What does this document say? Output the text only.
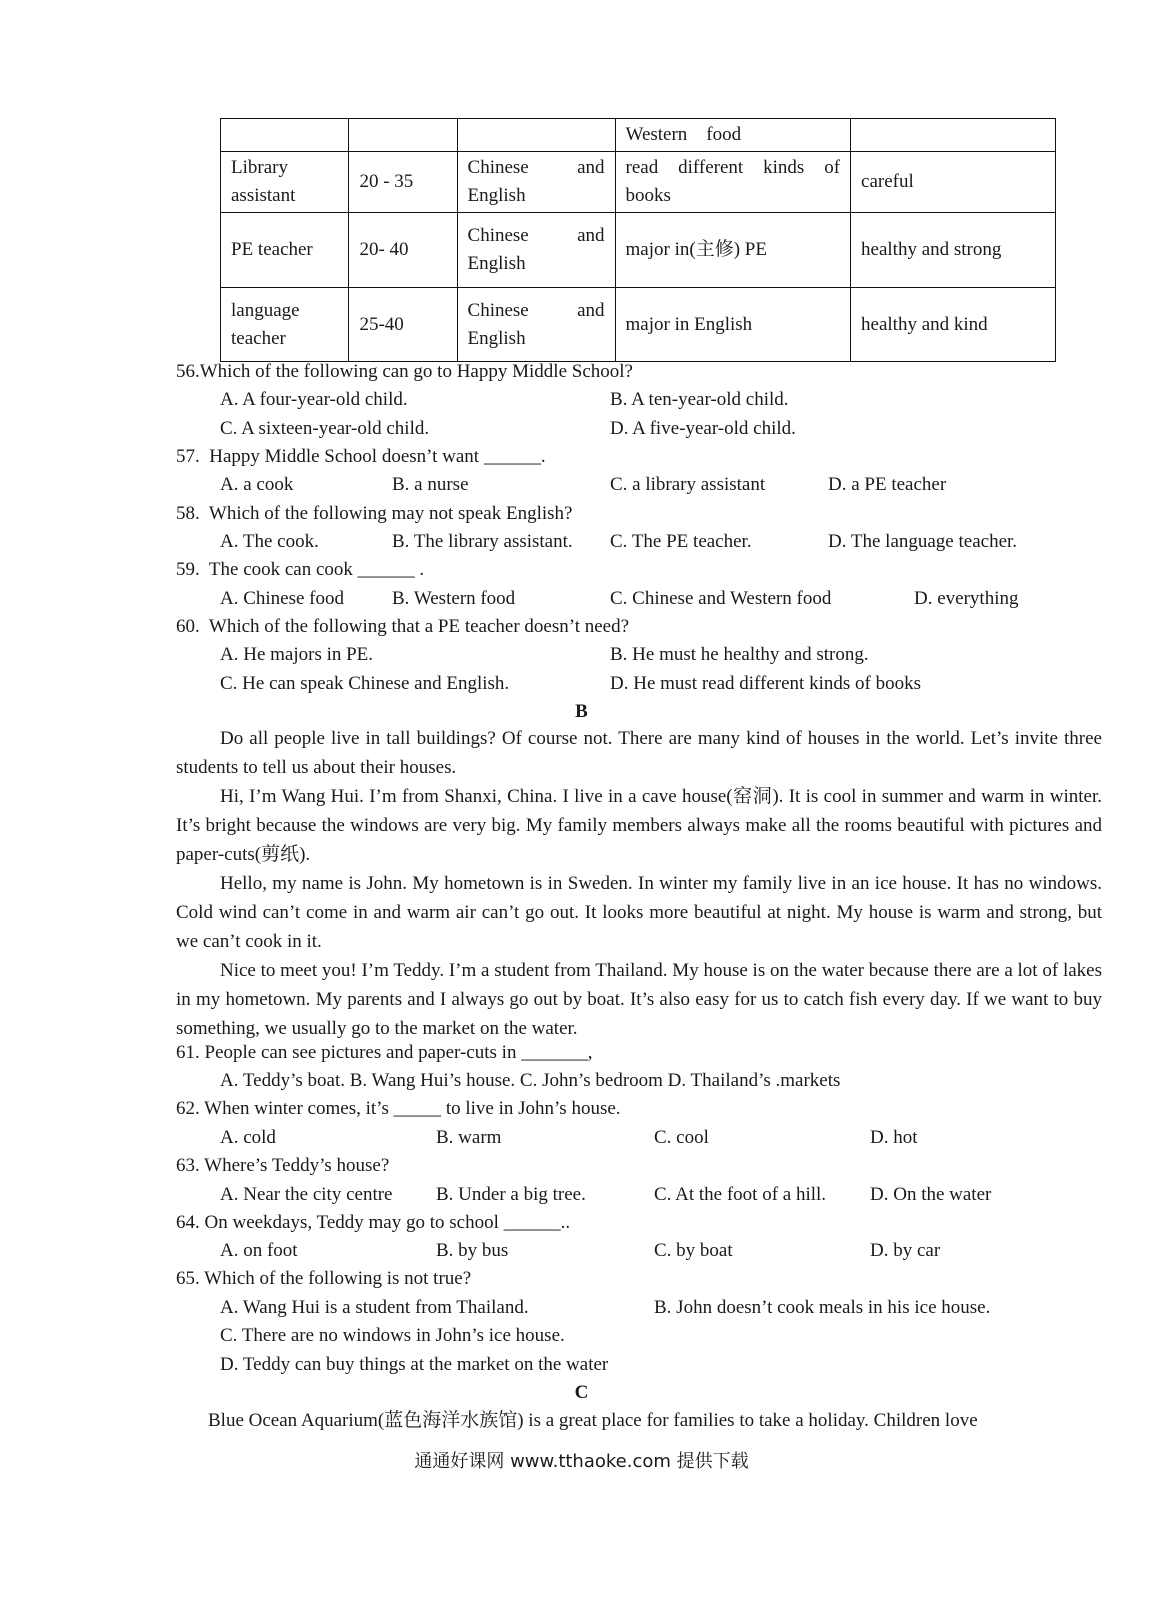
			Western    food	
Library assistant	20 - 35	Chinese and English	read different kinds of books	careful
PE teacher	20- 40	Chinese and English	major in(主修) PE	healthy and strong
language teacher	25-40	Chinese and English	major in English	healthy and kind
56.Which of the following can go to Happy Middle School?
A. A four-year-old child.	B. A ten-year-old child.
C. A sixteen-year-old child.	D. A five-year-old child.
57.  Happy Middle School doesn’t want ______.
A. a cook	B. a nurse	C. a library assistant	D. a PE teacher
58.  Which of the following may not speak English?
A. The cook.	B. The library assistant. C. The PE teacher.	D. The language teacher.
59.  The cook can cook ______ .
A. Chinese food	B. Western food	C. Chinese and Western food	D. everything
60.  Which of the following that a PE teacher doesn’t need?
A. He majors in PE.	B. He must he healthy and strong.
C. He can speak Chinese and English.	D. He must read different kinds of books
B

Do all people live in tall buildings? Of course not. There are many kind of houses in the world. Let’s invite three students to tell us about their houses.

Hi, I’m Wang Hui. I’m from Shanxi, China. I live in a cave house(窑洞). It is cool in summer and warm in winter. It’s bright because the windows are very big. My family members always make all the rooms beautiful with pictures and paper-cuts(剪纸).

Hello, my name is John. My hometown is in Sweden. In winter my family live in an ice house. It has no windows. Cold wind can’t come in and warm air can’t go out. It looks more beautiful at night. My house is warm and strong, but we can’t cook in it.

Nice to meet you! I’m Teddy. I’m a student from Thailand. My house is on the water because there are a lot of lakes in my hometown. My parents and I always go out by boat. It’s also easy for us to catch fish every day. If we want to buy something, we usually go to the market on the water.

61. People can see pictures and paper-cuts in _______,
A. Teddy’s boat. B. Wang Hui’s house. C. John’s bedroom D. Thailand’s .markets
62. When winter comes, it’s _____ to live in John’s house.
A. cold	B. warm	C. cool	D. hot
63. Where’s Teddy’s house?
A. Near the city centre B. Under a big tree.	C. At the foot of a hill. D. On the water
64. On weekdays, Teddy may go to school ______..
A. on foot	B. by bus	C. by boat	D. by car
65. Which of the following is not true?
A. Wang Hui is a student from Thailand.	B. John doesn’t cook meals in his ice house.
C. There are no windows in John’s ice house.
D. Teddy can buy things at the market on the water
C
Blue Ocean Aquarium(蓝色海洋水族馆) is a great place for families to take a holiday. Children love
通通好课网 www.tthaoke.com 提供下载
